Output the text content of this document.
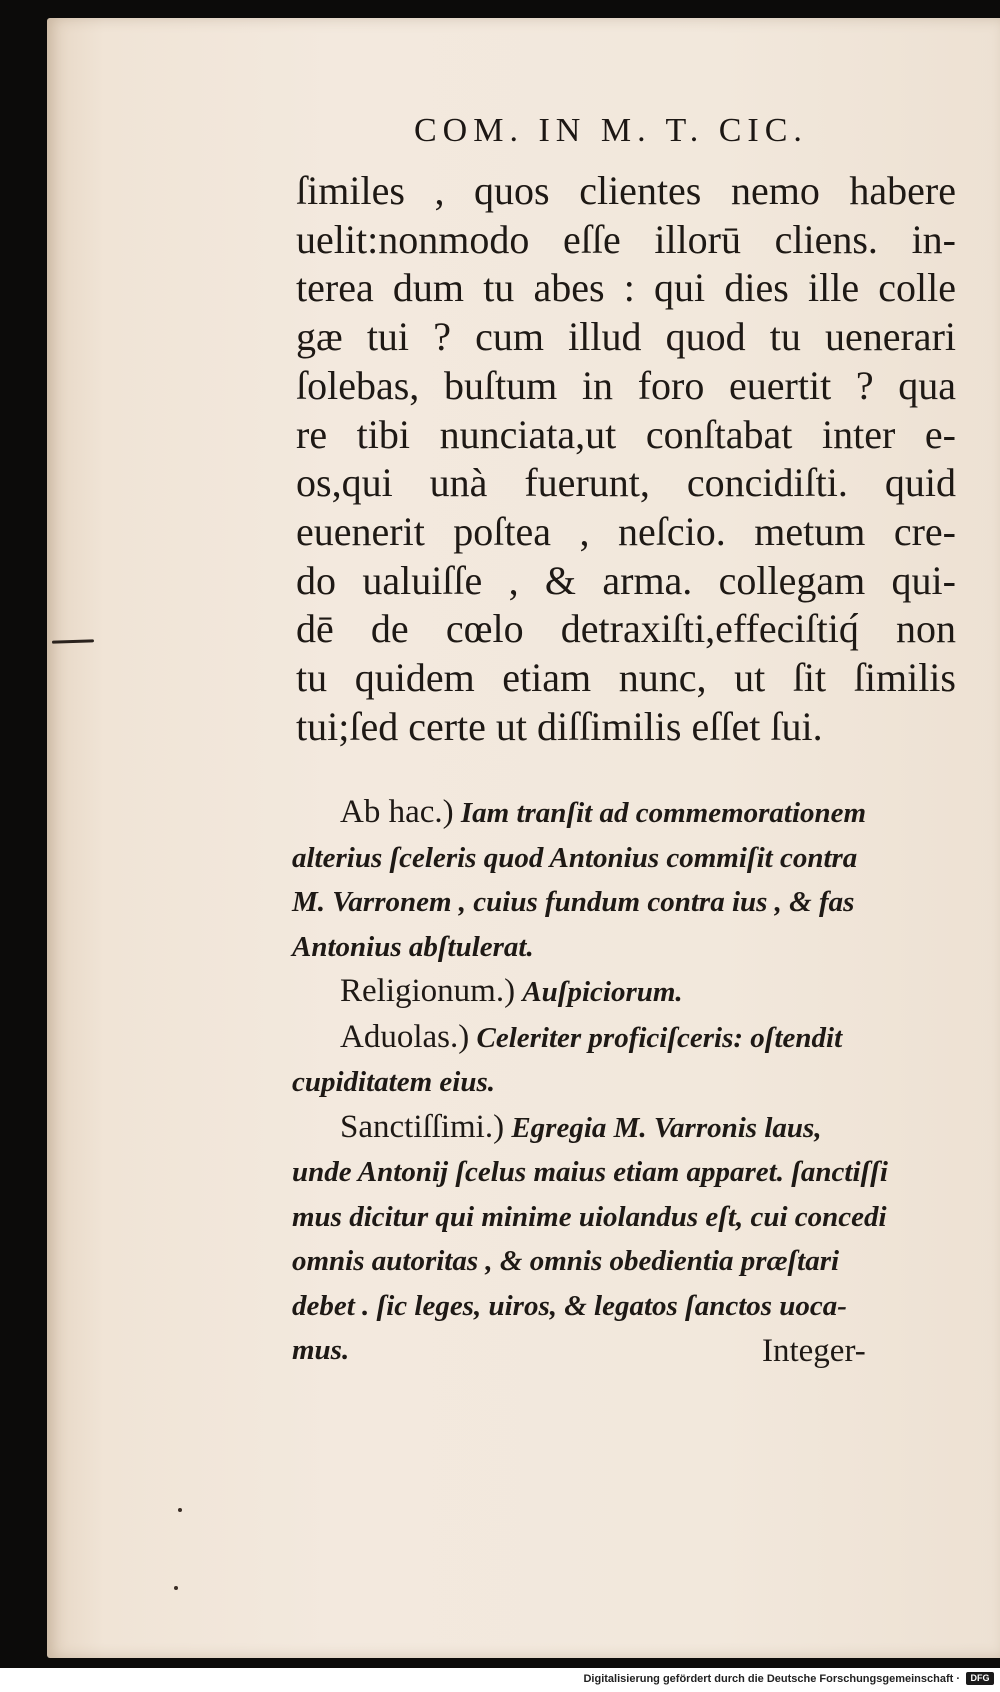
COM. IN M. T. CIC.
ſimiles , quos clientes nemo habere
uelit:nonmodo eſſe illorū cliens. in-
terea dum tu abes : qui dies ille colle
gæ tui ? cum illud quod tu uenerari
ſolebas, buſtum in foro euertit ? qua
re tibi nunciata,ut conſtabat inter e-
os,qui unà fuerunt, concidiſti. quid
euenerit poſtea , neſcio. metum cre-
do ualuiſſe , & arma. collegam qui-
dē de cœlo detraxiſti,effeciſtiq́ non
tu quidem etiam nunc, ut ſit ſimilis
tui;ſed certe ut diſſimilis eſſet ſui.
Ab hac.) Iam tranſit ad commemorationem
alterius ſceleris quod Antonius commiſit contra
M. Varronem , cuius fundum contra ius , & fas
Antonius abſtulerat.
Religionum.) Auſpiciorum.
Aduolas.) Celeriter proficiſceris: oſtendit
cupiditatem eius.
Sanctiſſimi.) Egregia M. Varronis laus,
unde Antonij ſcelus maius etiam apparet. ſanctiſſi
mus dicitur qui minime uiolandus eſt, cui concedi
omnis autoritas , & omnis obedientia præſtari
debet . ſic leges, uiros, & legatos ſanctos uoca-
mus.	Integer-
Digitalisierung gefördert durch die Deutsche Forschungsgemeinschaft ·	DFG
